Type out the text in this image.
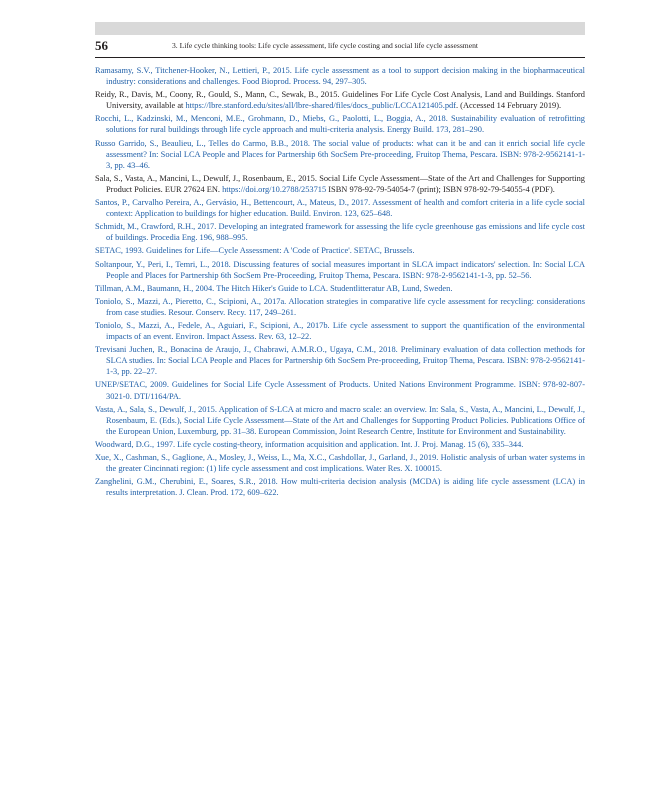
56	3. Life cycle thinking tools: Life cycle assessment, life cycle costing and social life cycle assessment
Ramasamy, S.V., Titchener-Hooker, N., Lettieri, P., 2015. Life cycle assessment as a tool to support decision making in the biopharmaceutical industry: considerations and challenges. Food Bioprod. Process. 94, 297–305.
Reidy, R., Davis, M., Coony, R., Gould, S., Mann, C., Sewak, B., 2015. Guidelines For Life Cycle Cost Analysis, Land and Buildings. Stanford University, available at https://lbre.stanford.edu/sites/all/lbre-shared/files/docs_public/LCCA121405.pdf. (Accessed 14 February 2019).
Rocchi, L., Kadzinski, M., Menconi, M.E., Grohmann, D., Miebs, G., Paolotti, L., Boggia, A., 2018. Sustainability evaluation of retrofitting solutions for rural buildings through life cycle approach and multi-criteria analysis. Energy Build. 173, 281–290.
Russo Garrido, S., Beaulieu, L., Telles do Carmo, B.B., 2018. The social value of products: what can it be and can it enrich social life cycle assessment? In: Social LCA People and Places for Partnership 6th SocSem Pre-proceeding, Fruitop Thema, Pescara. ISBN: 978-2-9562141-1-3, pp. 43–46.
Sala, S., Vasta, A., Mancini, L., Dewulf, J., Rosenbaum, E., 2015. Social Life Cycle Assessment—State of the Art and Challenges for Supporting Product Policies. EUR 27624 EN. https://doi.org/10.2788/253715 ISBN 978-92-79-54054-7 (print); ISBN 978-92-79-54055-4 (PDF).
Santos, P., Carvalho Pereira, A., Gervásio, H., Bettencourt, A., Mateus, D., 2017. Assessment of health and comfort criteria in a life cycle social context: Application to buildings for higher education. Build. Environ. 123, 625–648.
Schmidt, M., Crawford, R.H., 2017. Developing an integrated framework for assessing the life cycle greenhouse gas emissions and life cycle cost of buildings. Procedia Eng. 196, 988–995.
SETAC, 1993. Guidelines for Life—Cycle Assessment: A 'Code of Practice'. SETAC, Brussels.
Soltanpour, Y., Peri, I., Temri, L., 2018. Discussing features of social measures important in SLCA impact indicators' selection. In: Social LCA People and Places for Partnership 6th SocSem Pre-Proceeding, Fruitop Thema, Pescara. ISBN: 978-2-9562141-1-3, pp. 52–56.
Tillman, A.M., Baumann, H., 2004. The Hitch Hiker's Guide to LCA. Studentlitteratur AB, Lund, Sweden.
Toniolo, S., Mazzi, A., Pieretto, C., Scipioni, A., 2017a. Allocation strategies in comparative life cycle assessment for recycling: considerations from case studies. Resour. Conserv. Recy. 117, 249–261.
Toniolo, S., Mazzi, A., Fedele, A., Aguiari, F., Scipioni, A., 2017b. Life cycle assessment to support the quantification of the environmental impacts of an event. Environ. Impact Assess. Rev. 63, 12–22.
Trevisani Juchen, R., Bonacina de Araujo, J., Chabrawi, A.M.R.O., Ugaya, C.M., 2018. Preliminary evaluation of data collection methods for SLCA studies. In: Social LCA People and Places for Partnership 6th SocSem Pre-proceeding, Fruitop Thema, Pescara. ISBN: 978-2-9562141-1-3, pp. 22–27.
UNEP/SETAC, 2009. Guidelines for Social Life Cycle Assessment of Products. United Nations Environment Programme. ISBN: 978-92-807-3021-0. DTI/1164/PA.
Vasta, A., Sala, S., Dewulf, J., 2015. Application of S-LCA at micro and macro scale: an overview. In: Sala, S., Vasta, A., Mancini, L., Dewulf, J., Rosenbaum, E. (Eds.), Social Life Cycle Assessment—State of the Art and Challenges for Supporting Product Policies. Publications Office of the European Union, Luxemburg, pp. 31–38. European Commission, Joint Research Centre, Institute for Environment and Sustainability.
Woodward, D.G., 1997. Life cycle costing-theory, information acquisition and application. Int. J. Proj. Manag. 15 (6), 335–344.
Xue, X., Cashman, S., Gaglione, A., Mosley, J., Weiss, L., Ma, X.C., Cashdollar, J., Garland, J., 2019. Holistic analysis of urban water systems in the greater Cincinnati region: (1) life cycle assessment and cost implications. Water Res. X. 100015.
Zanghelini, G.M., Cherubini, E., Soares, S.R., 2018. How multi-criteria decision analysis (MCDA) is aiding life cycle assessment (LCA) in results interpretation. J. Clean. Prod. 172, 609–622.
